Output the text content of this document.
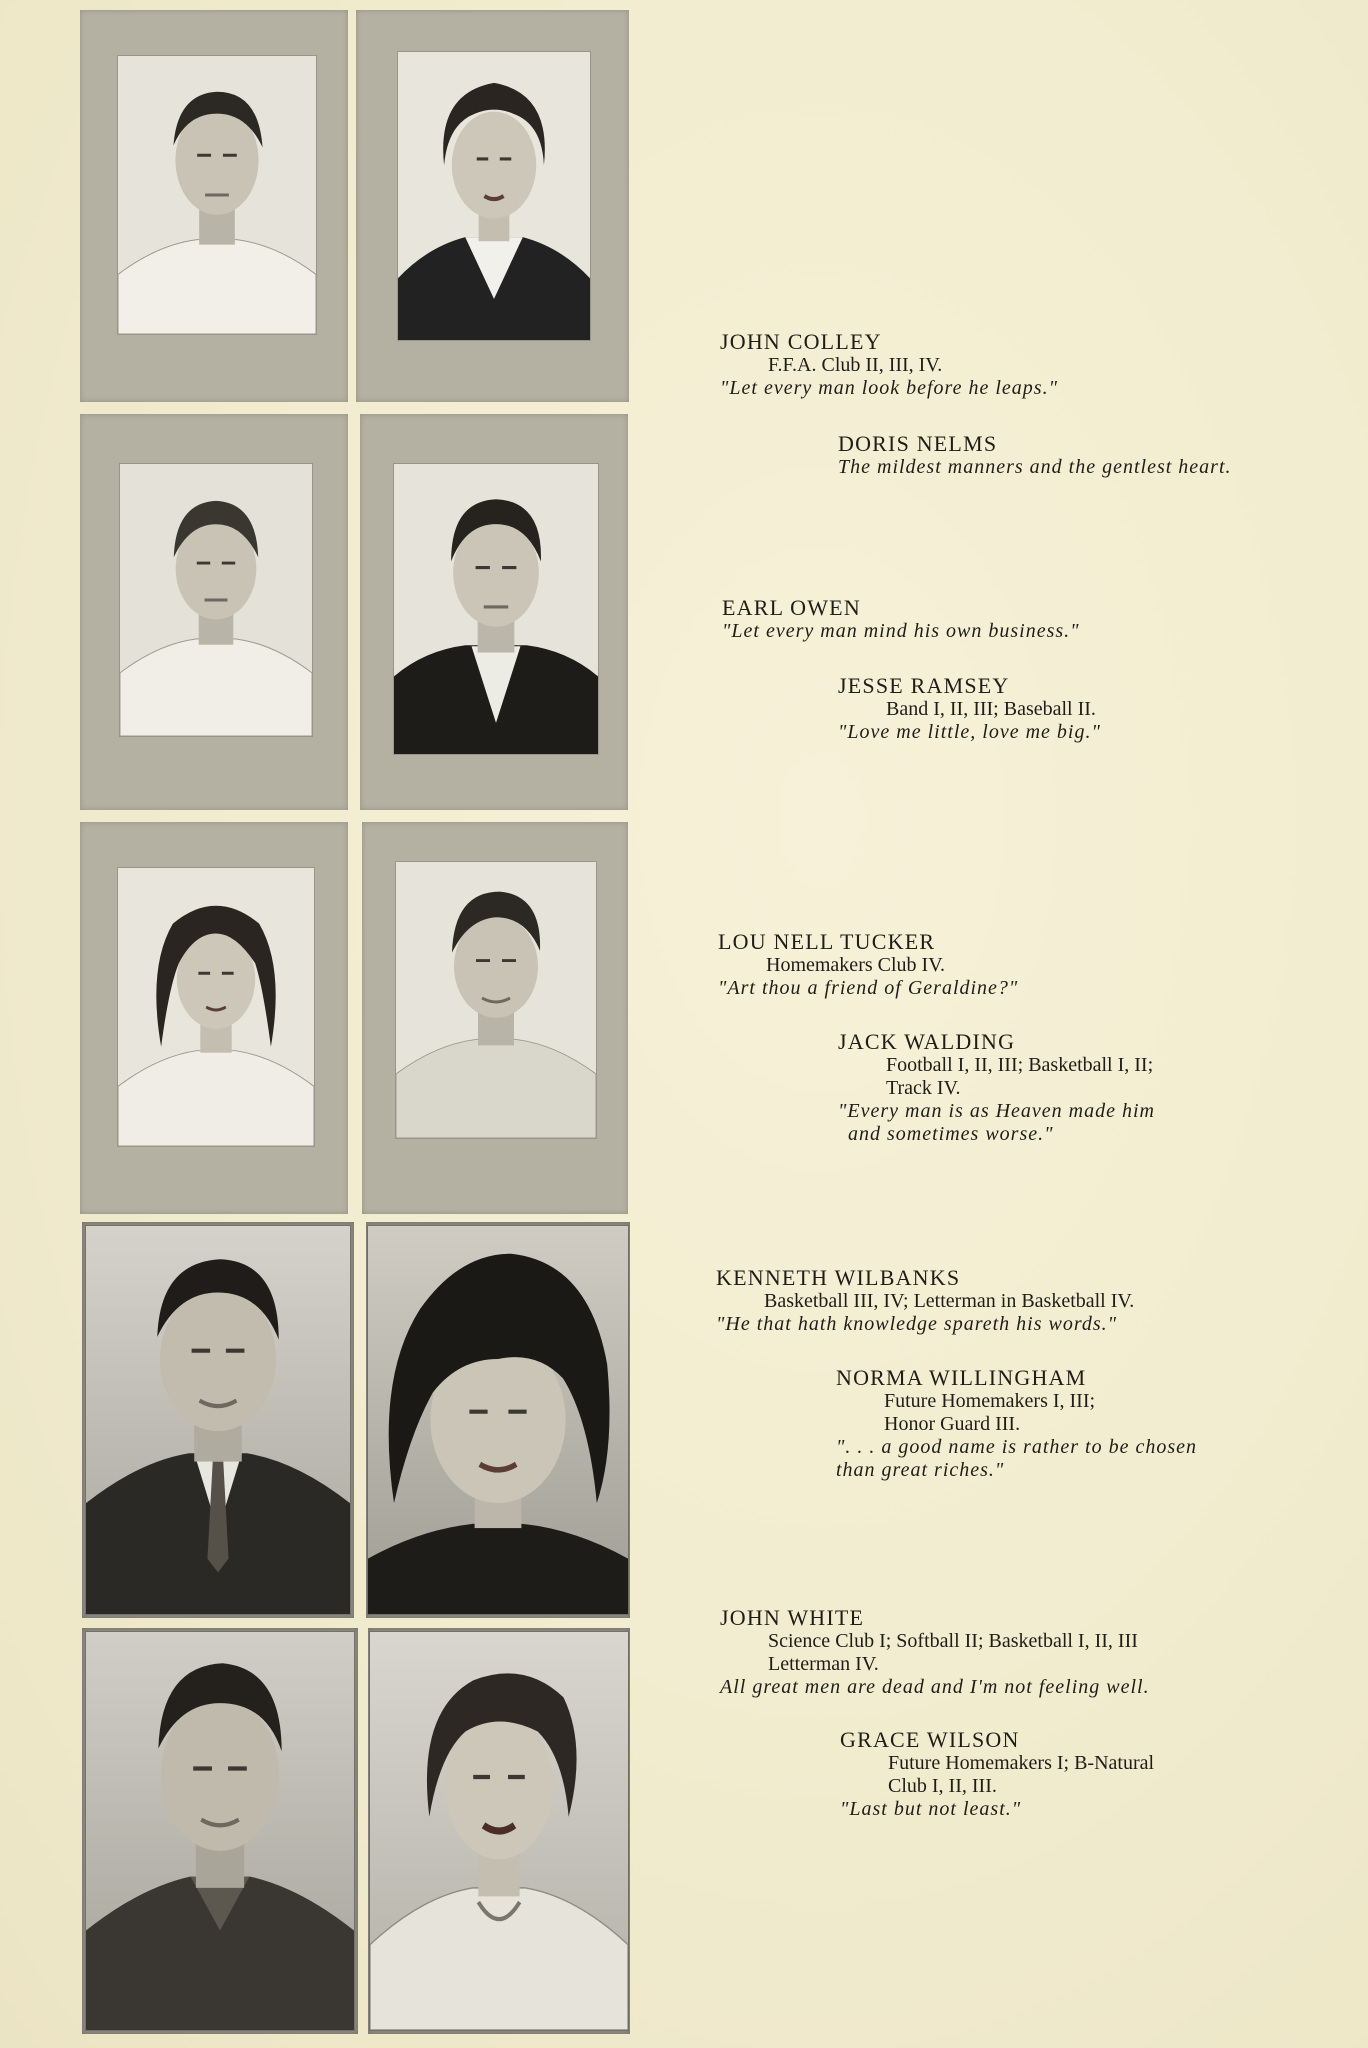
JOHN COLLEY
F.F.A. Club II, III, IV.
"Let every man look before he leaps."
DORIS NELMS
The mildest manners and the gentlest heart.
EARL OWEN
"Let every man mind his own business."
JESSE RAMSEY
Band I, II, III; Baseball II.
"Love me little, love me big."
LOU NELL TUCKER
Homemakers Club IV.
"Art thou a friend of Geraldine?"
JACK WALDING
Football I, II, III; Basketball I, II;
Track IV.
"Every man is as Heaven made him
and sometimes worse."
KENNETH WILBANKS
Basketball III, IV; Letterman in Basketball IV.
"He that hath knowledge spareth his words."
NORMA WILLINGHAM
Future Homemakers I, III;
Honor Guard III.
". . . a good name is rather to be chosen
than great riches."
JOHN WHITE
Science Club I; Softball II; Basketball I, II, III
Letterman IV.
All great men are dead and I'm not feeling well.
GRACE WILSON
Future Homemakers I; B-Natural
Club I, II, III.
"Last but not least."
